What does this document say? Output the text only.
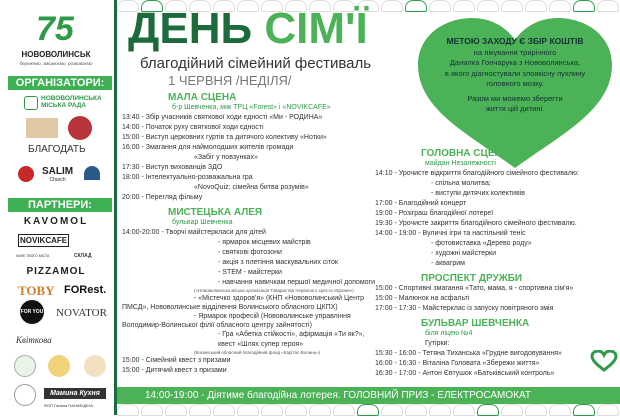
75
НОВОВОЛИНСЬК
бережемо, зміцнюємо, розвиваємо
ОРГАНІЗАТОРИ:
НОВОВОЛИНСЬКА
МІСЬКА РАДА
БЛАГОДАТЬ
SALIM
Church
ПАРТНЕРИ:
KAVOMOL
NOVIKCAFE
КАФЕ ТВОГО МІСТА	СКЛАД
PIZZAMOL
TOBY FORest.
FOR YOU NOVATOR
Квіткова
Мамина Кухня
ФОП Галина ПАНАФІДІНА
ДЕНЬ СІМ'Ї
благодійний сімейний фестиваль
1 ЧЕРВНЯ /НЕДІЛЯ/
МЕТОЮ ЗАХОДУ Є ЗБІР КОШТІВ
на лікування трирічного
Данилка Гончарука з Нововолинська,
в якого діагностували злоякісну пухлину
головного мозку.
Разом ми можемо зберегти
життя цій дитині.
МАЛА СЦЕНА
б-р Шевченка, між ТРЦ «Forest» і «NOVIKCAFE»
13:40 - Збір учасників святкової ходи єдності «Ми - РОДИНА»
14:00 - Початок руху святкової ходи єдності
15:00 - Виступ церковних гуртів та дитячого колективу «Нотки»
16:00 - Змагання для наймолодших жителів громади
«Забіг у повзунках»
17:30 - Виступ вихованців ЗДО
18:00 - Інтелектуально-розважальна гра
«NovoQuiz: сімейна битва розумів»
20:00 - Перегляд фільму
МИСТЕЦЬКА АЛЕЯ
бульвар Шевченка
14:00-20:00 - Творчі майстеркласи для дітей
- ярмарок місцевих майстрів
- святкові фотозони
- акція з плетіння маскувальних сіток
- STEM - майстерки
- навчання навичкам першої медичної допомоги
(«Нововолинська міська організація Товариства Червоного хреста України»)
- «Містечко здоров'я» (КНП «Нововолинський Центр ПМСД», Нововолинське відділення Волинського обласного ЦКПХ)
- Ярмарок професій (Нововолинське управління Володимир-Волинської філії обласного центру зайнятості)
- Гра «Абетка стійкості», афірмація «Ти як?»,
квест «Шлях супер героя»
(Волинський обласний благодійний фонд «Карітас-Волинь»)
15:00 - Сімейний квест з призами
15:00 - Дитячий квест з призами
ГОЛОВНА СЦЕНА
майдан Незалежності
14:10 - Урочисте відкриття благодійного сімейного фестивалю:
- спільна молитва;
- виступи дитячих колективів
17:00 - Благодійний концерт
19:00 - Розіграш благодійної лотереї
19:30 - Урочисте закриття благодійного сімейного фестивалю.
14:00 - 19:00 - Вуличні ігри та настільний теніс
- фотовиставка «Дерево роду»
- художні майстерки
- аквагрим
ПРОСПЕКТ ДРУЖБИ
15:00 - Спортивні змагання «Тато, мама, я - спортивна сім'я»
15:00 - Малюнок на асфальті
17:00 - 17:30 - Майстерклас із запуску повітряного змія
БУЛЬВАР ШЕВЧЕНКА
біля ліцею №4
Гутірки:
15:30 - 16:00 - Тетяна Тиханська «Грудне вигодовування»
16:00 - 16:30 - Віталіна Головата «Збережи життя»
16:30 - 17:00 - Антон Євтушок «Батьківський контроль»
14:00-19:00 - Діятиме благодійна лотерея. ГОЛОВНИЙ ПРИЗ - ЕЛЕКТРОСАМОКАТ
